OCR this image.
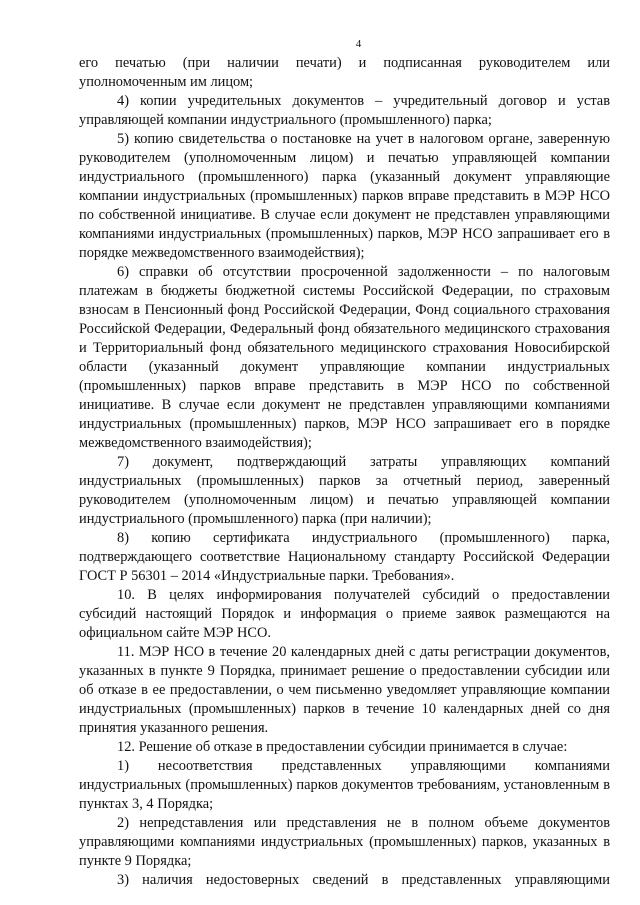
4

его печатью (при наличии печати) и подписанная руководителем или уполномоченным им лицом;

4) копии учредительных документов – учредительный договор и устав управляющей компании индустриального (промышленного) парка;

5) копию свидетельства о постановке на учет в налоговом органе, заверенную руководителем (уполномоченным лицом) и печатью управляющей компании индустриального (промышленного) парка (указанный документ управляющие компании индустриальных (промышленных) парков вправе представить в МЭР НСО по собственной инициативе. В случае если документ не представлен управляющими компаниями индустриальных (промышленных) парков, МЭР НСО запрашивает его в порядке межведомственного взаимодействия);

6) справки об отсутствии просроченной задолженности – по налоговым платежам в бюджеты бюджетной системы Российской Федерации, по страховым взносам в Пенсионный фонд Российской Федерации, Фонд социального страхования Российской Федерации, Федеральный фонд обязательного медицинского страхования и Территориальный фонд обязательного медицинского страхования Новосибирской области (указанный документ управляющие компании индустриальных (промышленных) парков вправе представить в МЭР НСО по собственной инициативе. В случае если документ не представлен управляющими компаниями индустриальных (промышленных) парков, МЭР НСО запрашивает его в порядке межведомственного взаимодействия);

7) документ, подтверждающий затраты управляющих компаний индустриальных (промышленных) парков за отчетный период, заверенный руководителем (уполномоченным лицом) и печатью управляющей компании индустриального (промышленного) парка (при наличии);

8) копию сертификата индустриального (промышленного) парка, подтверждающего соответствие Национальному стандарту Российской Федерации ГОСТ Р 56301 – 2014 «Индустриальные парки. Требования».

10. В целях информирования получателей субсидий о предоставлении субсидий настоящий Порядок и информация о приеме заявок размещаются на официальном сайте МЭР НСО.

11. МЭР НСО в течение 20 календарных дней с даты регистрации документов, указанных в пункте 9 Порядка, принимает решение о предоставлении субсидии или об отказе в ее предоставлении, о чем письменно уведомляет управляющие компании индустриальных (промышленных) парков в течение 10 календарных дней со дня принятия указанного решения.

12. Решение об отказе в предоставлении субсидии принимается в случае:

1) несоответствия представленных управляющими компаниями индустриальных (промышленных) парков документов требованиям, установленным в пунктах 3, 4 Порядка;

2) непредставления или представления не в полном объеме документов управляющими компаниями индустриальных (промышленных) парков, указанных в пункте 9 Порядка;

3) наличия недостоверных сведений в представленных управляющими
